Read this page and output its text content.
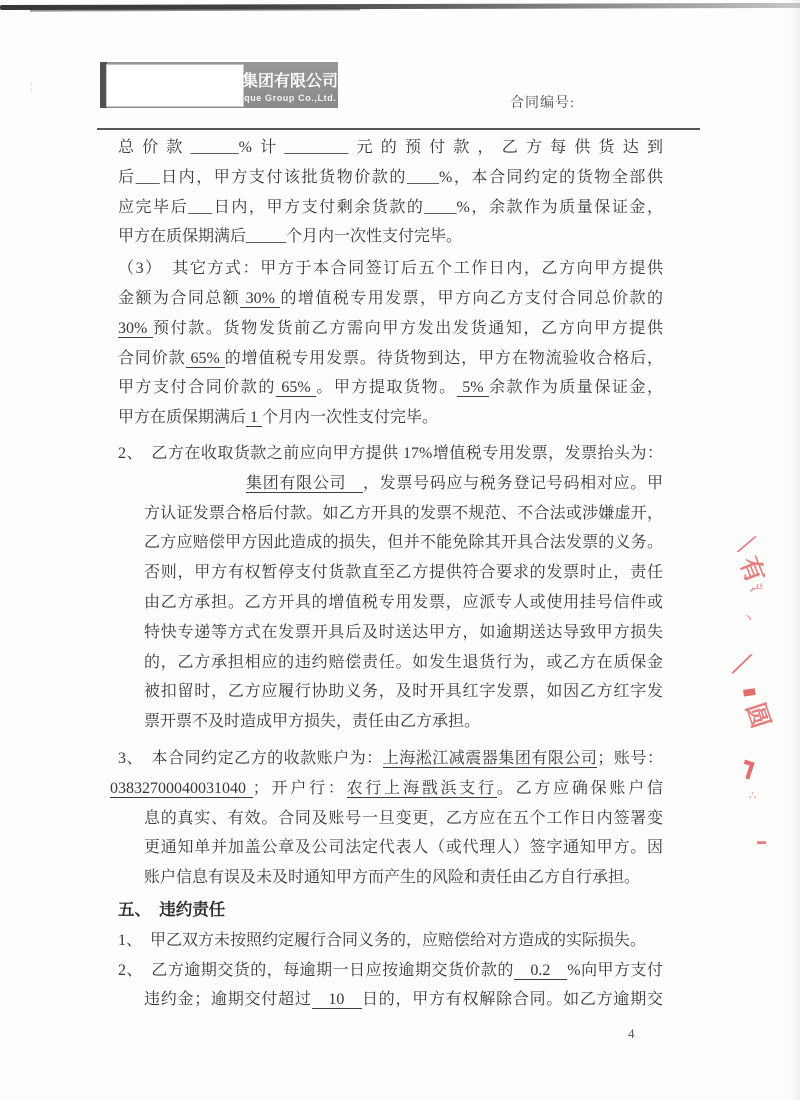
¦	集团有限公司
ique Group Co.,Ltd.	合同编号:
总价款______%计________元的预付款，乙方每供货达到
后___日内，甲方支付该批货物价款的____%，本合同约定的货物全部供
应完毕后___日内，甲方支付剩余货款的____%，余款作为质量保证金，
甲方在质保期满后_____个月内一次性支付完毕。
（3）　其它方式：甲方于本合同签订后五个工作日内，乙方向甲方提供
金额为合同总额 30% 的增值税专用发票，甲方向乙方支付合同总价款的
30% 预付款。货物发货前乙方需向甲方发出发货通知，乙方向甲方提供
合同价款 65% 的增值税专用发票。待货物到达，甲方在物流验收合格后，
甲方支付合同价款的 65% 。甲方提取货物。 5% 余款作为质量保证金，
甲方在质保期满后 1 个月内一次性支付完毕。
2、　乙方在收取货款之前应向甲方提供 17%增值税专用发票，发票抬头为：
集团有限公司　，发票号码应与税务登记号码相对应。甲
方认证发票合格后付款。如乙方开具的发票不规范、不合法或涉嫌虚开，
乙方应赔偿甲方因此造成的损失，但并不能免除其开具合法发票的义务。
否则，甲方有权暂停支付货款直至乙方提供符合要求的发票时止，责任
由乙方承担。乙方开具的增值税专用发票，应派专人或使用挂号信件或
特快专递等方式在发票开具后及时送达甲方，如逾期送达导致甲方损失
的，乙方承担相应的违约赔偿责任。如发生退货行为，或乙方在质保金
被扣留时，乙方应履行协助义务，及时开具红字发票，如因乙方红字发
票开票不及时造成甲方损失，责任由乙方承担。
3、　本合同约定乙方的收款账户为：上海淞江减震器集团有限公司；账号：
03832700040031040 ；开户行：农行上海戬浜支行。乙方应确保账户信
息的真实、有效。合同及账号一旦变更，乙方应在五个工作日内签署变
更通知单并加盖公章及公司法定代表人（或代理人）签字通知甲方。因
账户信息有误及未及时通知甲方而产生的风险和责任由乙方自行承担。
五、　违约责任
1、　甲乙双方未按照约定履行合同义务的，应赔偿给对方造成的实际损失。
2、　乙方逾期交货的，每逾期一日应按逾期交货价款的　0.2　%向甲方支付
违约金；逾期交付超过　10　日的，甲方有权解除合同。如乙方逾期交
∕
有
氵
丶
∕
▃
圆
┓
∴
▬
4
